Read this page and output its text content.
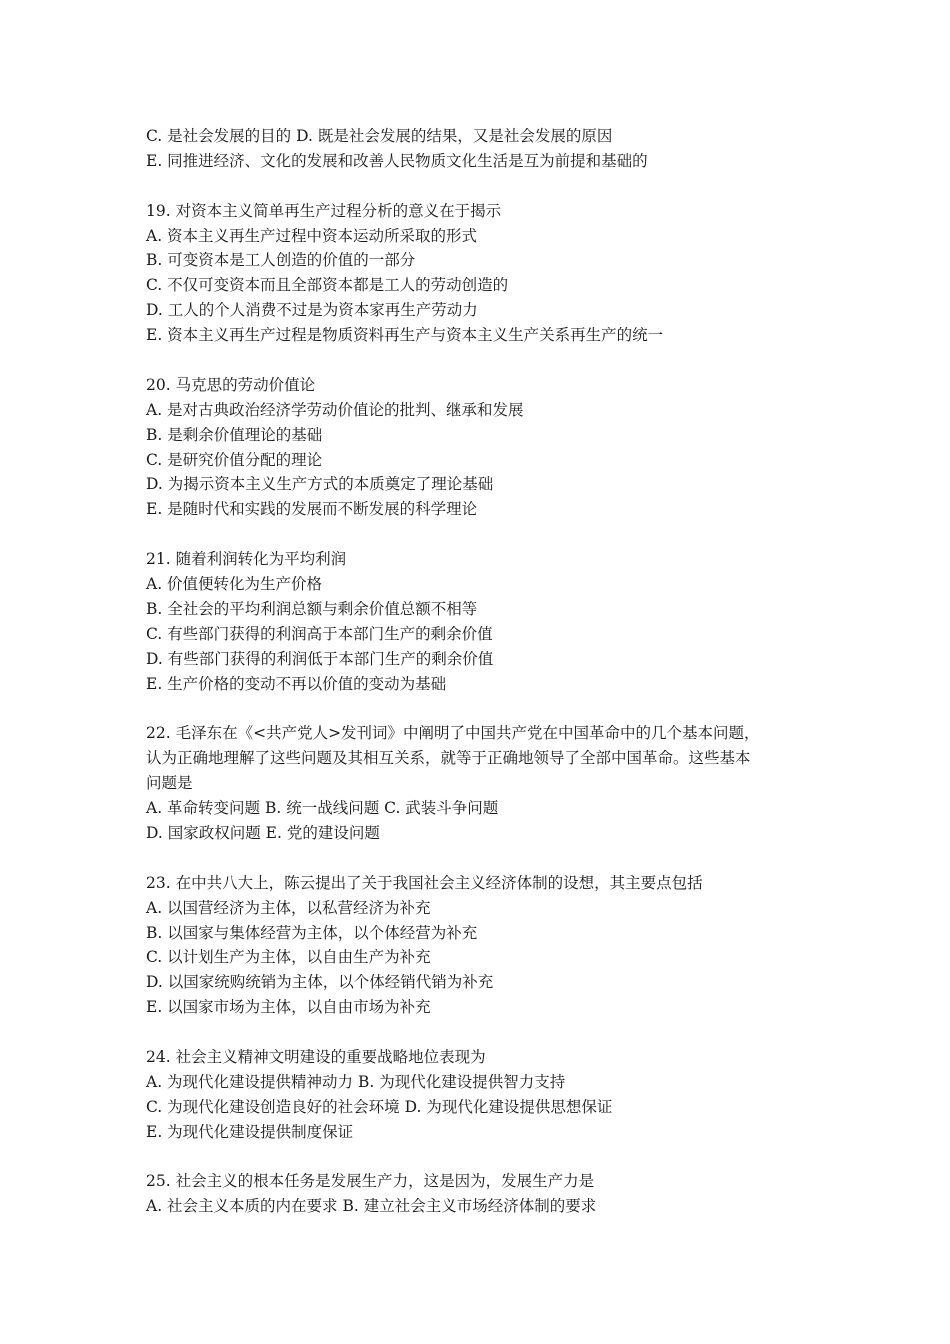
C. 是社会发展的目的 D. 既是社会发展的结果，又是社会发展的原因
E. 同推进经济、文化的发展和改善人民物质文化生活是互为前提和基础的
19. 对资本主义简单再生产过程分析的意义在于揭示
A. 资本主义再生产过程中资本运动所采取的形式
B. 可变资本是工人创造的价值的一部分
C. 不仅可变资本而且全部资本都是工人的劳动创造的
D. 工人的个人消费不过是为资本家再生产劳动力
E. 资本主义再生产过程是物质资料再生产与资本主义生产关系再生产的统一
20. 马克思的劳动价值论
A. 是对古典政治经济学劳动价值论的批判、继承和发展
B. 是剩余价值理论的基础
C. 是研究价值分配的理论
D. 为揭示资本主义生产方式的本质奠定了理论基础
E. 是随时代和实践的发展而不断发展的科学理论
21. 随着利润转化为平均利润
A. 价值便转化为生产价格
B. 全社会的平均利润总额与剩余价值总额不相等
C. 有些部门获得的利润高于本部门生产的剩余价值
D. 有些部门获得的利润低于本部门生产的剩余价值
E. 生产价格的变动不再以价值的变动为基础
22. 毛泽东在《<共产党人>发刊词》中阐明了中国共产党在中国革命中的几个基本问题，
认为正确地理解了这些问题及其相互关系，就等于正确地领导了全部中国革命。这些基本
问题是
A. 革命转变问题 B. 统一战线问题 C. 武装斗争问题
D. 国家政权问题 E. 党的建设问题
23. 在中共八大上，陈云提出了关于我国社会主义经济体制的设想，其主要点包括
A. 以国营经济为主体，以私营经济为补充
B. 以国家与集体经营为主体，以个体经营为补充
C. 以计划生产为主体，以自由生产为补充
D. 以国家统购统销为主体，以个体经销代销为补充
E. 以国家市场为主体，以自由市场为补充
24. 社会主义精神文明建设的重要战略地位表现为
A. 为现代化建设提供精神动力 B. 为现代化建设提供智力支持
C. 为现代化建设创造良好的社会环境 D. 为现代化建设提供思想保证
E. 为现代化建设提供制度保证
25. 社会主义的根本任务是发展生产力，这是因为，发展生产力是
A. 社会主义本质的内在要求 B. 建立社会主义市场经济体制的要求
